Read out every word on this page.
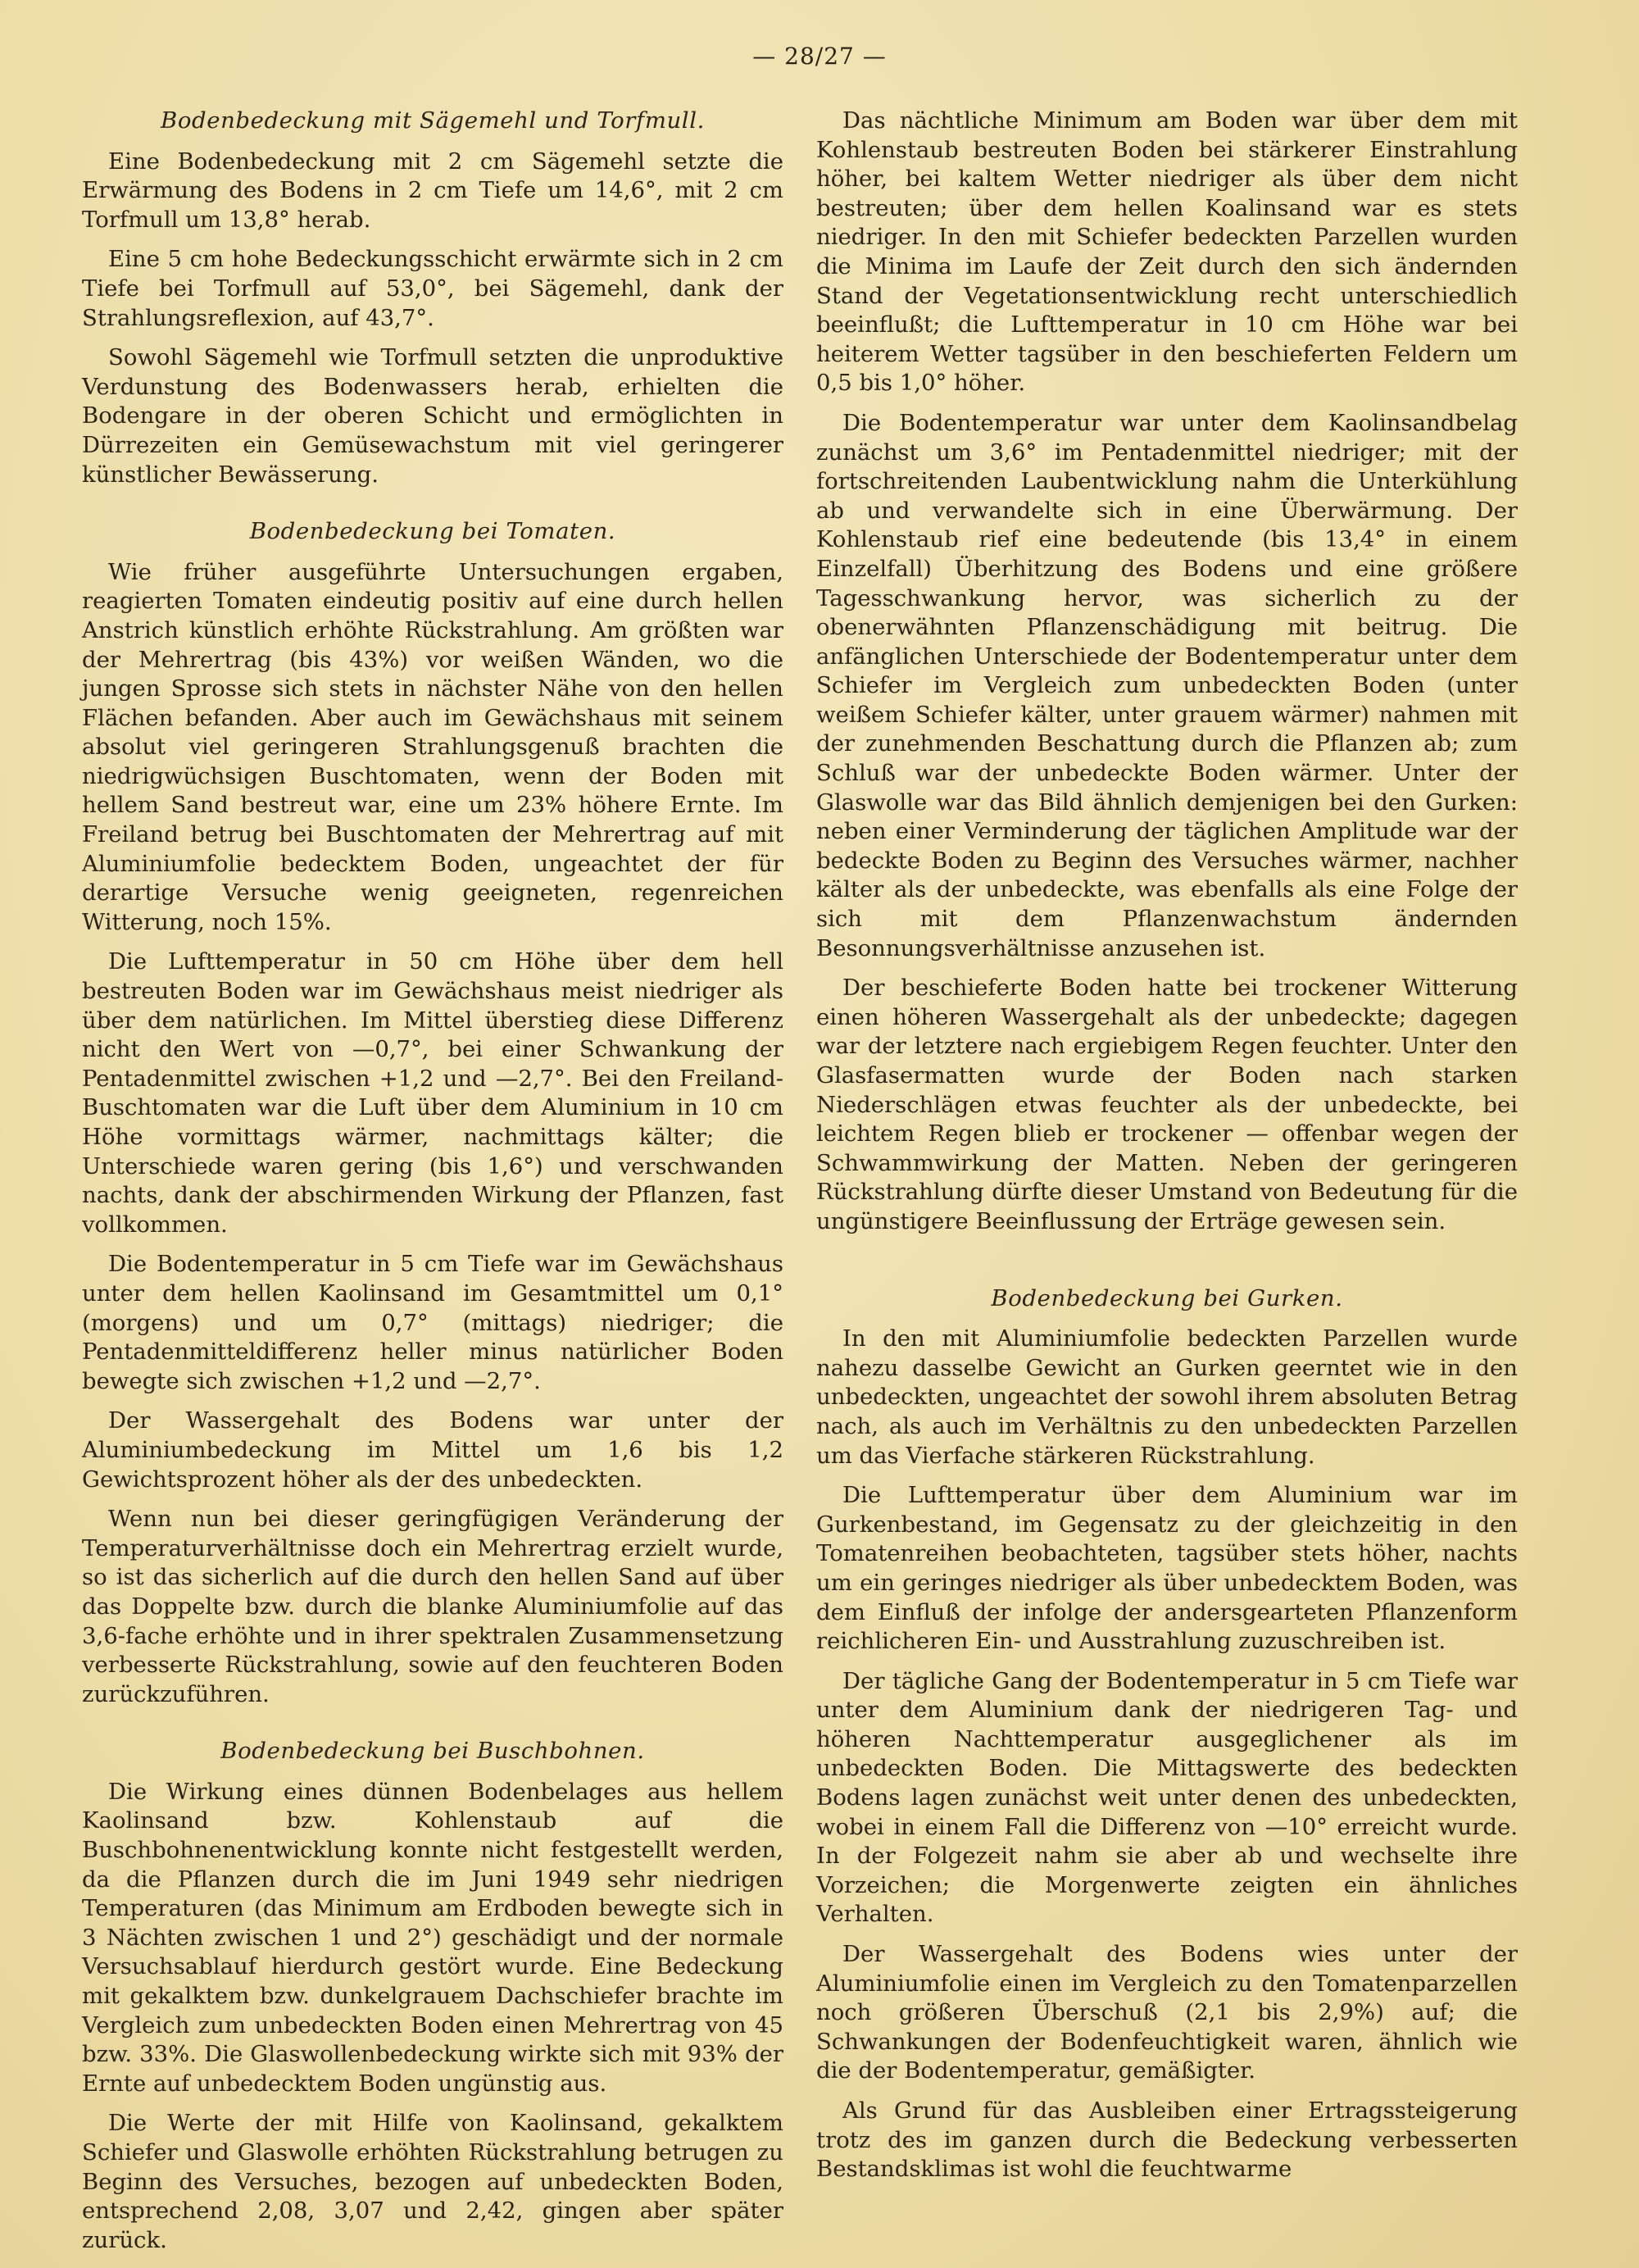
— 28/27 —
Bodenbedeckung mit Sägemehl und Torfmull.

Eine Bodenbedeckung mit 2 cm Sägemehl setzte die Erwärmung des Bodens in 2 cm Tiefe um 14,6°, mit 2 cm Torfmull um 13,8° herab.

Eine 5 cm hohe Bedeckungsschicht erwärmte sich in 2 cm Tiefe bei Torfmull auf 53,0°, bei Sägemehl, dank der Strahlungsreflexion, auf 43,7°.

Sowohl Sägemehl wie Torfmull setzten die unproduktive Verdunstung des Bodenwassers herab, erhielten die Bodengare in der oberen Schicht und ermöglichten in Dürrezeiten ein Gemüsewachstum mit viel geringerer künstlicher Bewässerung.

Bodenbedeckung bei Tomaten.

Wie früher ausgeführte Untersuchungen ergaben, reagierten Tomaten eindeutig positiv auf eine durch hellen Anstrich künstlich erhöhte Rückstrahlung. Am größten war der Mehrertrag (bis 43%) vor weißen Wänden, wo die jungen Sprosse sich stets in nächster Nähe von den hellen Flächen befanden. Aber auch im Gewächshaus mit seinem absolut viel geringeren Strahlungsgenuß brachten die niedrigwüchsigen Buschtomaten, wenn der Boden mit hellem Sand bestreut war, eine um 23% höhere Ernte. Im Freiland betrug bei Buschtomaten der Mehrertrag auf mit Aluminiumfolie bedecktem Boden, ungeachtet der für derartige Versuche wenig geeigneten, regenreichen Witterung, noch 15%.

Die Lufttemperatur in 50 cm Höhe über dem hell bestreuten Boden war im Gewächshaus meist niedriger als über dem natürlichen. Im Mittel überstieg diese Differenz nicht den Wert von —0,7°, bei einer Schwankung der Pentadenmittel zwischen +1,2 und —2,7°. Bei den Freiland-Buschtomaten war die Luft über dem Aluminium in 10 cm Höhe vormittags wärmer, nachmittags kälter; die Unterschiede waren gering (bis 1,6°) und verschwanden nachts, dank der abschirmenden Wirkung der Pflanzen, fast vollkommen.

Die Bodentemperatur in 5 cm Tiefe war im Gewächshaus unter dem hellen Kaolinsand im Gesamtmittel um 0,1° (morgens) und um 0,7° (mittags) niedriger; die Pentadenmitteldifferenz heller minus natürlicher Boden bewegte sich zwischen +1,2 und —2,7°.

Der Wassergehalt des Bodens war unter der Aluminiumbedeckung im Mittel um 1,6 bis 1,2 Gewichtsprozent höher als der des unbedeckten.

Wenn nun bei dieser geringfügigen Veränderung der Temperaturverhältnisse doch ein Mehrertrag erzielt wurde, so ist das sicherlich auf die durch den hellen Sand auf über das Doppelte bzw. durch die blanke Aluminiumfolie auf das 3,6-fache erhöhte und in ihrer spektralen Zusammensetzung verbesserte Rückstrahlung, sowie auf den feuchteren Boden zurückzuführen.

Bodenbedeckung bei Buschbohnen.

Die Wirkung eines dünnen Bodenbelages aus hellem Kaolinsand bzw. Kohlenstaub auf die Buschbohnenentwicklung konnte nicht festgestellt werden, da die Pflanzen durch die im Juni 1949 sehr niedrigen Temperaturen (das Minimum am Erdboden bewegte sich in 3 Nächten zwischen 1 und 2°) geschädigt und der normale Versuchsablauf hierdurch gestört wurde. Eine Bedeckung mit gekalktem bzw. dunkelgrauem Dachschiefer brachte im Vergleich zum unbedeckten Boden einen Mehrertrag von 45 bzw. 33%. Die Glaswollenbedeckung wirkte sich mit 93% der Ernte auf unbedecktem Boden ungünstig aus.

Die Werte der mit Hilfe von Kaolinsand, gekalktem Schiefer und Glaswolle erhöhten Rückstrahlung betrugen zu Beginn des Versuches, bezogen auf unbedeckten Boden, entsprechend 2,08, 3,07 und 2,42, gingen aber später zurück.

Das nächtliche Minimum am Boden war über dem mit Kohlenstaub bestreuten Boden bei stärkerer Einstrahlung höher, bei kaltem Wetter niedriger als über dem nicht bestreuten; über dem hellen Koalinsand war es stets niedriger. In den mit Schiefer bedeckten Parzellen wurden die Minima im Laufe der Zeit durch den sich ändernden Stand der Vegetationsentwicklung recht unterschiedlich beeinflußt; die Lufttemperatur in 10 cm Höhe war bei heiterem Wetter tagsüber in den beschieferten Feldern um 0,5 bis 1,0° höher.

Die Bodentemperatur war unter dem Kaolinsandbelag zunächst um 3,6° im Pentadenmittel niedriger; mit der fortschreitenden Laubentwicklung nahm die Unterkühlung ab und verwandelte sich in eine Überwärmung. Der Kohlenstaub rief eine bedeutende (bis 13,4° in einem Einzelfall) Überhitzung des Bodens und eine größere Tagesschwankung hervor, was sicherlich zu der obenerwähnten Pflanzenschädigung mit beitrug. Die anfänglichen Unterschiede der Bodentemperatur unter dem Schiefer im Vergleich zum unbedeckten Boden (unter weißem Schiefer kälter, unter grauem wärmer) nahmen mit der zunehmenden Beschattung durch die Pflanzen ab; zum Schluß war der unbedeckte Boden wärmer. Unter der Glaswolle war das Bild ähnlich demjenigen bei den Gurken: neben einer Verminderung der täglichen Amplitude war der bedeckte Boden zu Beginn des Versuches wärmer, nachher kälter als der unbedeckte, was ebenfalls als eine Folge der sich mit dem Pflanzenwachstum ändernden Besonnungsverhältnisse anzusehen ist.

Der beschieferte Boden hatte bei trockener Witterung einen höheren Wassergehalt als der unbedeckte; dagegen war der letztere nach ergiebigem Regen feuchter. Unter den Glasfasermatten wurde der Boden nach starken Niederschlägen etwas feuchter als der unbedeckte, bei leichtem Regen blieb er trockener — offenbar wegen der Schwammwirkung der Matten. Neben der geringeren Rückstrahlung dürfte dieser Umstand von Bedeutung für die ungünstigere Beeinflussung der Erträge gewesen sein.

Bodenbedeckung bei Gurken.

In den mit Aluminiumfolie bedeckten Parzellen wurde nahezu dasselbe Gewicht an Gurken geerntet wie in den unbedeckten, ungeachtet der sowohl ihrem absoluten Betrag nach, als auch im Verhältnis zu den unbedeckten Parzellen um das Vierfache stärkeren Rückstrahlung.

Die Lufttemperatur über dem Aluminium war im Gurkenbestand, im Gegensatz zu der gleichzeitig in den Tomatenreihen beobachteten, tagsüber stets höher, nachts um ein geringes niedriger als über unbedecktem Boden, was dem Einfluß der infolge der andersgearteten Pflanzenform reichlicheren Ein- und Ausstrahlung zuzuschreiben ist.

Der tägliche Gang der Bodentemperatur in 5 cm Tiefe war unter dem Aluminium dank der niedrigeren Tag- und höheren Nachttemperatur ausgeglichener als im unbedeckten Boden. Die Mittagswerte des bedeckten Bodens lagen zunächst weit unter denen des unbedeckten, wobei in einem Fall die Differenz von —10° erreicht wurde. In der Folgezeit nahm sie aber ab und wechselte ihre Vorzeichen; die Morgenwerte zeigten ein ähnliches Verhalten.

Der Wassergehalt des Bodens wies unter der Aluminiumfolie einen im Vergleich zu den Tomatenparzellen noch größeren Überschuß (2,1 bis 2,9%) auf; die Schwankungen der Bodenfeuchtigkeit waren, ähnlich wie die der Bodentemperatur, gemäßigter.

Als Grund für das Ausbleiben einer Ertragssteigerung trotz des im ganzen durch die Bedeckung verbesserten Bestandsklimas ist wohl die feuchtwarme
